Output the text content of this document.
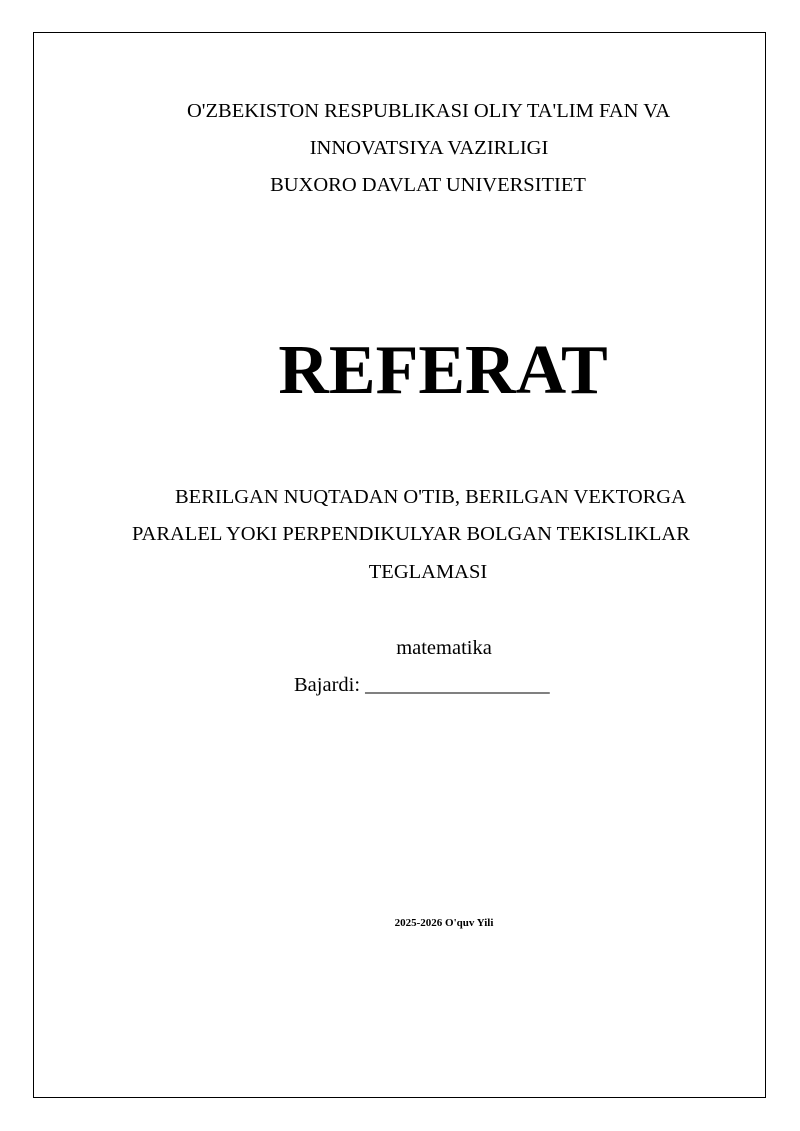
O'ZBEKISTON RESPUBLIKASI OLIY TA'LIM FAN VA
INNOVATSIYA VAZIRLIGI
BUXORO DAVLAT UNIVERSITIET
REFERAT
BERILGAN NUQTADAN O'TIB, BERILGAN VEKTORGA
PARALEL YOKI PERPENDIKULYAR BOLGAN TEKISLIKLAR
TEGLAMASI
matematika
Bajardi: __________________
2025-2026 O'quv Yili
